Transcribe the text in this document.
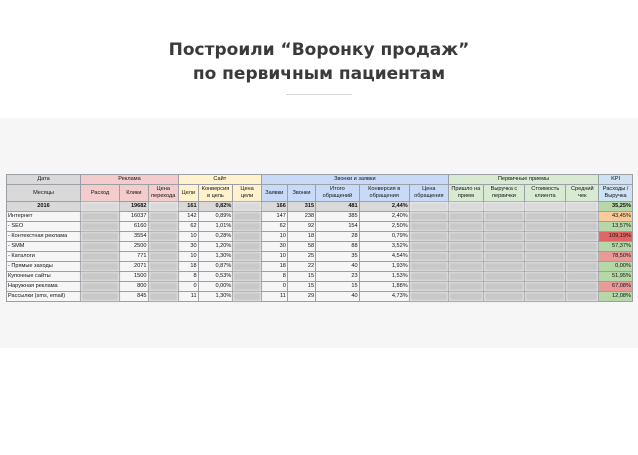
Построили “Воронку продаж”
по первичным пациентам
Дата	Реклама			Сайт			Звонки и заявки					Первичные приемы				KPI
Месяцы	Расход	Клики	Цена перехода	Цели	Конверсия в цель	Цена цели	Заявки	Звонки	Итого обращений	Конверсия в обращения	Цена обращения	Пришло на прием	Выручка с первички	Стоимость клиента	Средний чек	Расходы / Выручка
2016		19682		161	0,82%		166	315	481	2,44%						35,25%
Интернет		16037		142	0,89%		147	238	385	2,40%						43,45%
- SEO		6160		62	1,01%		62	92	154	2,50%						13,57%
- Контекстная реклама		3554		10	0,28%		10	18	28	0,79%						109,19%
- SMM		2500		30	1,20%		30	58	88	3,52%						57,37%
- Каталоги		771		10	1,30%		10	25	35	4,54%						78,50%
- Прямые заходы		2071		18	0,87%		18	22	40	1,93%						0,00%
Купонные сайты		1500		8	0,53%		8	15	23	1,53%						51,95%
Наружная реклама		800		0	0,00%		0	15	15	1,88%						67,08%
Рассылки (sms, email)		845		11	1,30%		11	29	40	4,73%						12,08%
